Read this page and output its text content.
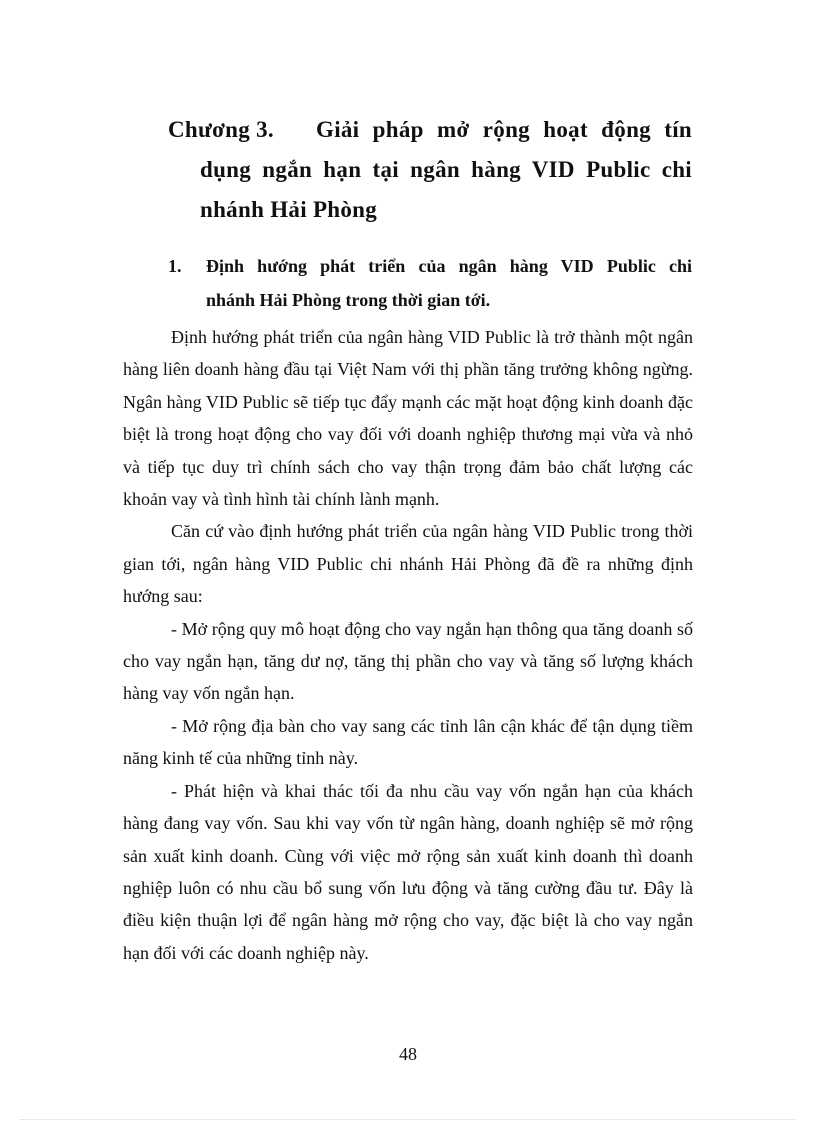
Chương 3. Giải pháp mở rộng hoạt động tín
dụng ngắn hạn tại ngân hàng VID Public chi
nhánh Hải Phòng
1. Định hướng phát triển của ngân hàng VID Public chi
nhánh Hải Phòng trong thời gian tới.

Định hướng phát triển của ngân hàng VID Public là trở thành một ngân hàng liên doanh hàng đầu tại Việt Nam với thị phần tăng trưởng không ngừng. Ngân hàng VID Public sẽ tiếp tục đẩy mạnh các mặt hoạt động kinh doanh đặc biệt là trong hoạt động cho vay đối với doanh nghiệp thương mại vừa và nhỏ và tiếp tục duy trì chính sách cho vay thận trọng đảm bảo chất lượng các khoản vay và tình hình tài chính lành mạnh.

Căn cứ vào định hướng phát triển của ngân hàng VID Public trong thời gian tới, ngân hàng VID Public chi nhánh Hải Phòng đã đề ra những định hướng sau:

- Mở rộng quy mô hoạt động cho vay ngắn hạn thông qua tăng doanh số cho vay ngắn hạn, tăng dư nợ, tăng thị phần cho vay và tăng số lượng khách hàng vay vốn ngắn hạn.

- Mở rộng địa bàn cho vay sang các tỉnh lân cận khác để tận dụng tiềm năng kinh tế của những tỉnh này.

- Phát hiện và khai thác tối đa nhu cầu vay vốn ngắn hạn của khách hàng đang vay vốn. Sau khi vay vốn từ ngân hàng, doanh nghiệp sẽ mở rộng sản xuất kinh doanh. Cùng với việc mở rộng sản xuất kinh doanh thì doanh nghiệp luôn có nhu cầu bổ sung vốn lưu động và tăng cường đầu tư. Đây là điều kiện thuận lợi để ngân hàng mở rộng cho vay, đặc biệt là cho vay ngắn hạn đối với các doanh nghiệp này.

48
